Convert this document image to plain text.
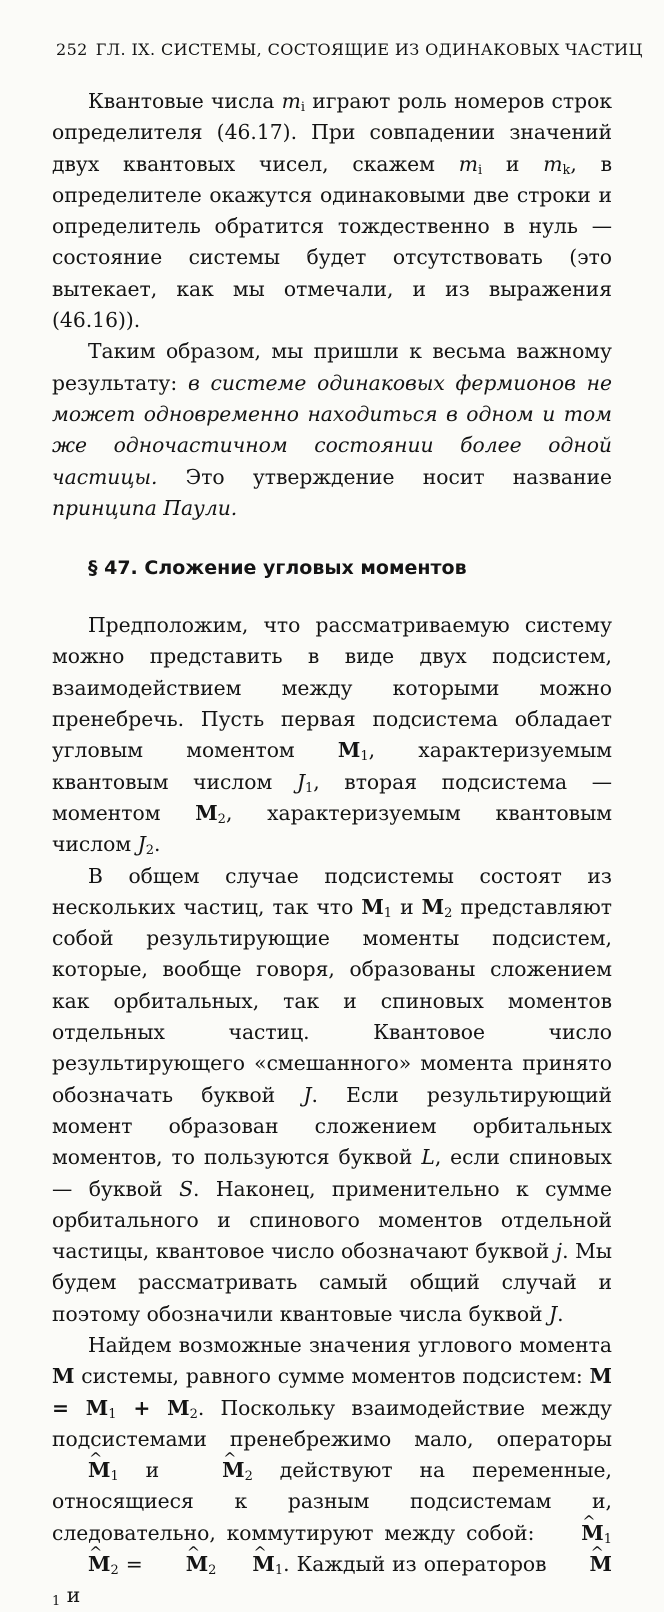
252 ГЛ. IX. СИСТЕМЫ, СОСТОЯЩИЕ ИЗ ОДИНАКОВЫХ ЧАСТИЦ

Квантовые числа $m_i$ играют роль номеров строк определителя (46.17). При совпадении значений двух квантовых чисел, скажем $m_i$ и $m_k$, в определителе окажутся одинаковыми две строки и определитель обратится тождественно в нуль — состояние системы будет отсутствовать (это вытекает, как мы отмечали, и из выражения (46.16)).

Таким образом, мы пришли к весьма важному результату: в системе одинаковых фермионов не может одновременно находиться в одном и том же одночастичном состоянии более одной частицы. Это утверждение носит название принципа Паули.

§ 47. Сложение угловых моментов

Предположим, что рассматриваемую систему можно представить в виде двух подсистем, взаимодействием между которыми можно пренебречь. Пусть первая подсистема обладает угловым моментом $M_1$, характеризуемым квантовым числом $J_1$, вторая подсистема — моментом $M_2$, характеризуемым квантовым числом $J_2$.

В общем случае подсистемы состоят из нескольких частиц, так что $M_1$ и $M_2$ представляют собой результирующие моменты подсистем, которые, вообще говоря, образованы сложением как орбитальных, так и спиновых моментов отдельных частиц. Квантовое число результирующего «смешанного» момента принято обозначать буквой J. Если результирующий момент образован сложением орбитальных моментов, то пользуются буквой L, если спиновых — буквой S. Наконец, применительно к сумме орбитального и спинового моментов отдельной частицы, квантовое число обозначают буквой j. Мы будем рассматривать самый общий случай и поэтому обозначили квантовые числа буквой J.

Найдем возможные значения углового момента M системы, равного сумме моментов подсистем: $M = M_1 + M_2$. Поскольку взаимодействие между подсистемами пренебрежимо мало, операторы ^ $M_1$ и ^ $M_2$ действуют на переменные, относящиеся к разным подсистемам и, следовательно, коммутируют между собой: ^ $M_1\^{}$ $M_2$ = ^ $M_2\^{}$ $M_1$. Каждый из операторов ^ $M_1$ и
